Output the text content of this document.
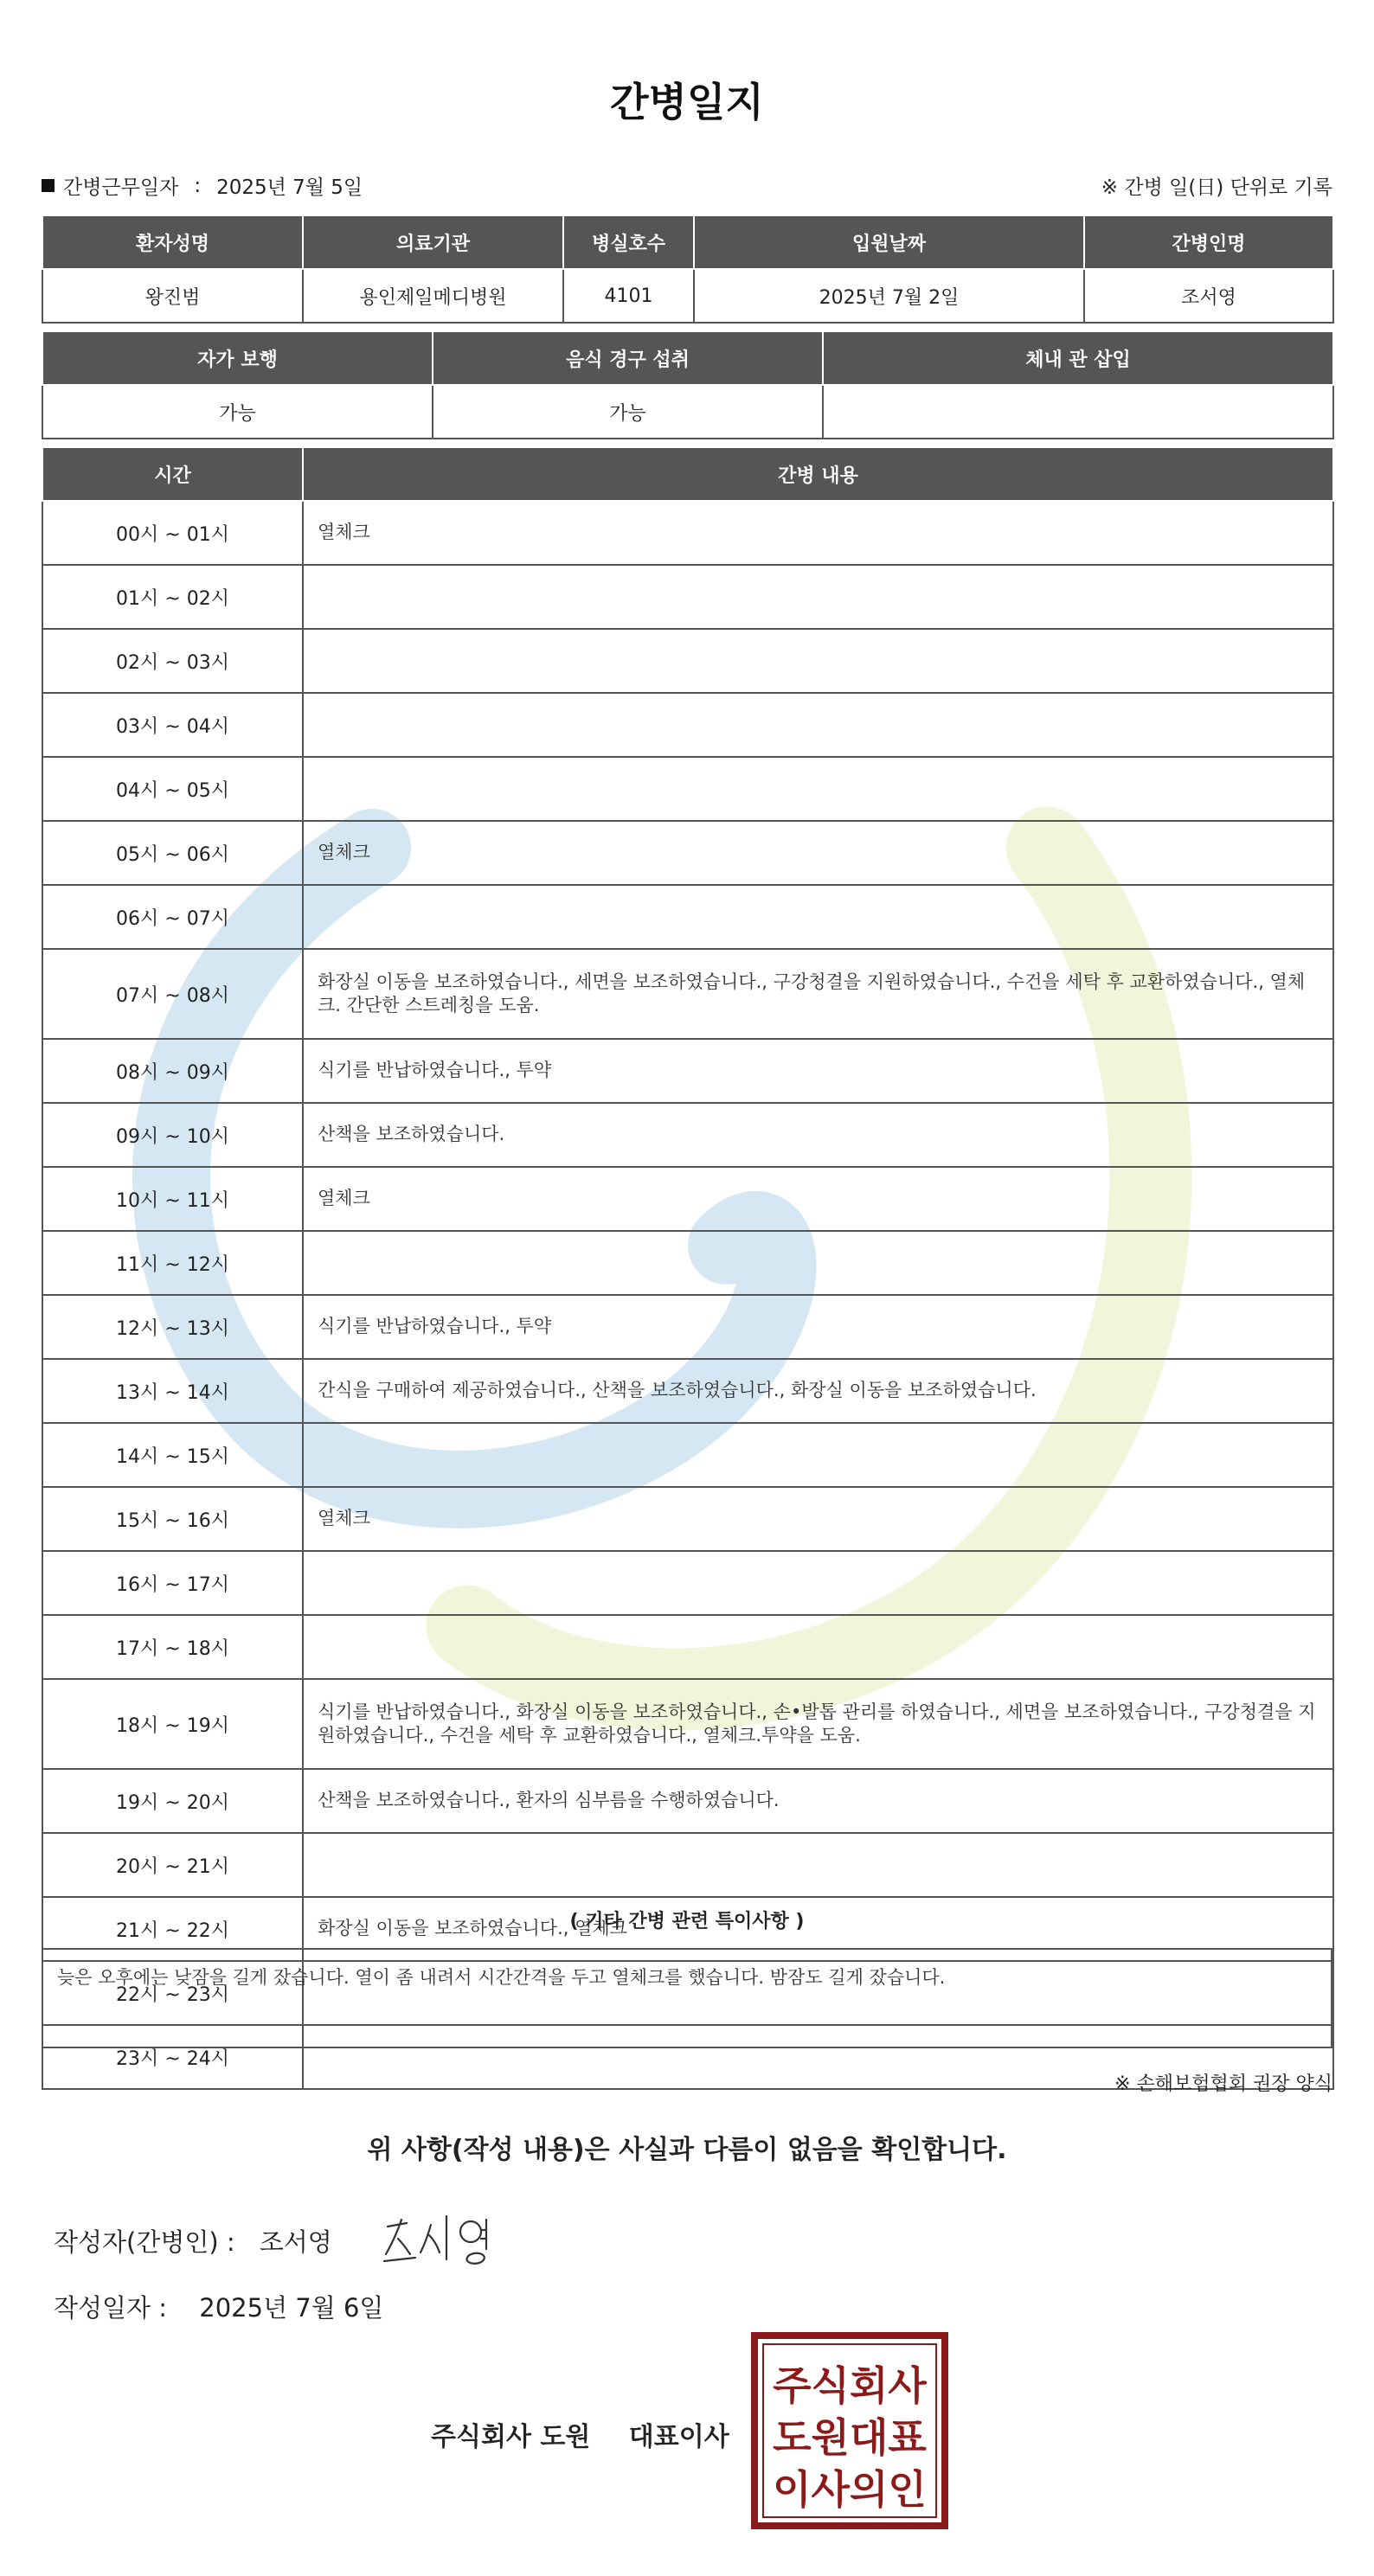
간병일지
간병근무일자 : 2025년 7월 5일	※ 간병 일(日) 단위로 기록
환자성명	의료기관	병실호수	입원날짜	간병인명
왕진범	용인제일메디병원	4101	2025년 7월 2일	조서영
자가 보행	음식 경구 섭취	체내 관 삽입
가능	가능	
시간	간병 내용
00시 ~ 01시	열체크
01시 ~ 02시	
02시 ~ 03시	
03시 ~ 04시	
04시 ~ 05시	
05시 ~ 06시	열체크
06시 ~ 07시	
07시 ~ 08시	화장실 이동을 보조하였습니다., 세면을 보조하였습니다., 구강청결을 지원하였습니다., 수건을 세탁 후 교환하였습니다., 열체크. 간단한 스트레칭을 도움.
08시 ~ 09시	식기를 반납하였습니다., 투약
09시 ~ 10시	산책을 보조하였습니다.
10시 ~ 11시	열체크
11시 ~ 12시	
12시 ~ 13시	식기를 반납하였습니다., 투약
13시 ~ 14시	간식을 구매하여 제공하였습니다., 산책을 보조하였습니다., 화장실 이동을 보조하였습니다.
14시 ~ 15시	
15시 ~ 16시	열체크
16시 ~ 17시	
17시 ~ 18시	
18시 ~ 19시	식기를 반납하였습니다., 화장실 이동을 보조하였습니다., 손•발톱 관리를 하였습니다., 세면을 보조하였습니다., 구강청결을 지원하였습니다., 수건을 세탁 후 교환하였습니다., 열체크.투약을 도움.
19시 ~ 20시	산책을 보조하였습니다., 환자의 심부름을 수행하였습니다.
20시 ~ 21시	
21시 ~ 22시	화장실 이동을 보조하였습니다., 열체크
22시 ~ 23시	
23시 ~ 24시	
( 기타 간병 관련 특이사항 )
늦은 오후에는 낮잠을 길게 잤습니다. 열이 좀 내려서 시간간격을 두고 열체크를 했습니다. 밤잠도 길게 잤습니다.
※ 손해보험협회 권장 양식
위 사항(작성 내용)은 사실과 다름이 없음을 확인합니다.
작성자(간병인) : 조서영
작성일자 : 2025년 7월 6일
주식회사 도원 대표이사
주식회사
도원대표
이사의인
